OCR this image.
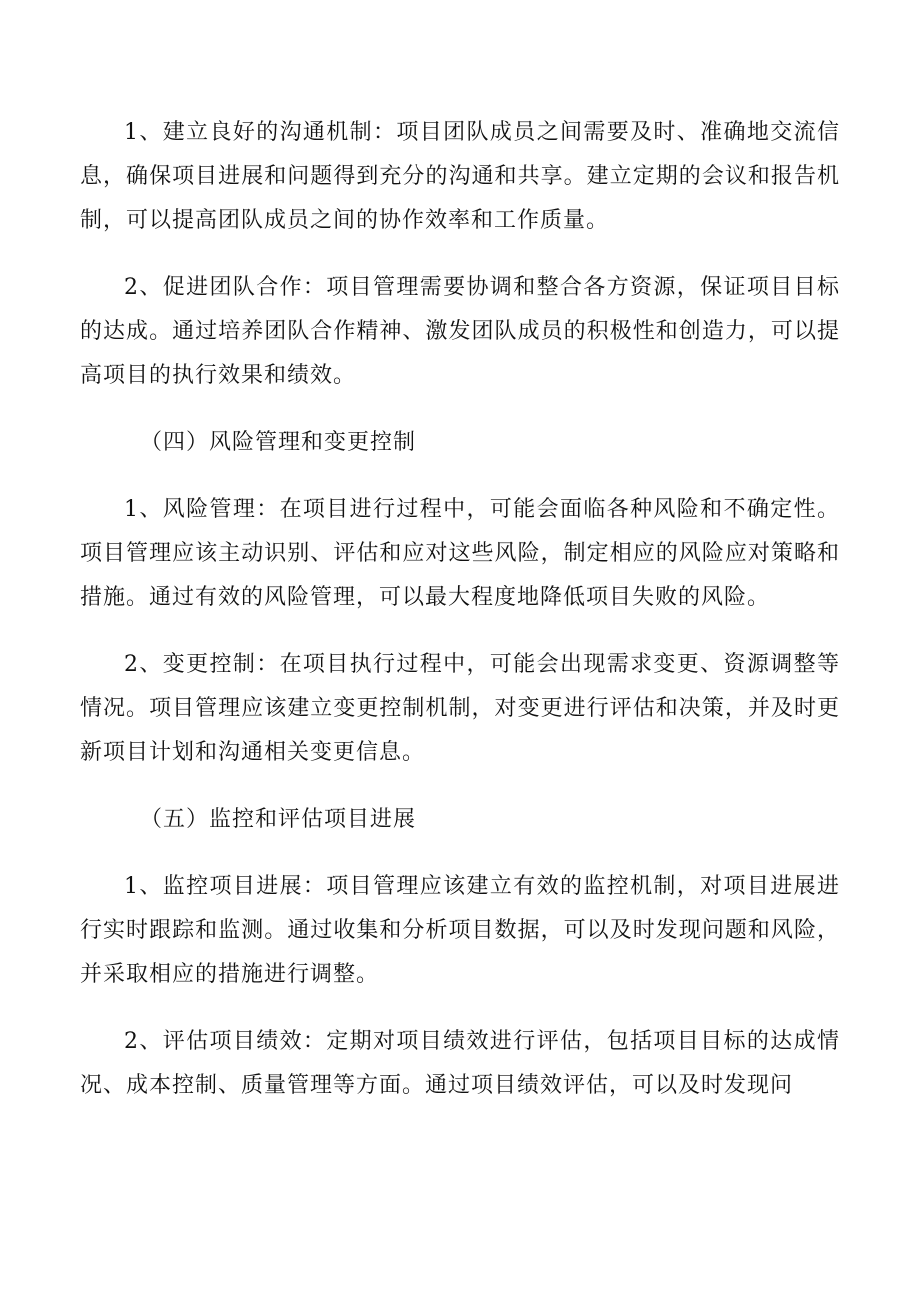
1、建立良好的沟通机制：项目团队成员之间需要及时、准确地交流信息，确保项目进展和问题得到充分的沟通和共享。建立定期的会议和报告机制，可以提高团队成员之间的协作效率和工作质量。

2、促进团队合作：项目管理需要协调和整合各方资源，保证项目目标的达成。通过培养团队合作精神、激发团队成员的积极性和创造力，可以提高项目的执行效果和绩效。

（四）风险管理和变更控制

1、风险管理：在项目进行过程中，可能会面临各种风险和不确定性。项目管理应该主动识别、评估和应对这些风险，制定相应的风险应对策略和措施。通过有效的风险管理，可以最大程度地降低项目失败的风险。

2、变更控制：在项目执行过程中，可能会出现需求变更、资源调整等情况。项目管理应该建立变更控制机制，对变更进行评估和决策，并及时更新项目计划和沟通相关变更信息。

（五）监控和评估项目进展

1、监控项目进展：项目管理应该建立有效的监控机制，对项目进展进行实时跟踪和监测。通过收集和分析项目数据，可以及时发现问题和风险，并采取相应的措施进行调整。

2、评估项目绩效：定期对项目绩效进行评估，包括项目目标的达成情况、成本控制、质量管理等方面。通过项目绩效评估，可以及时发现问
